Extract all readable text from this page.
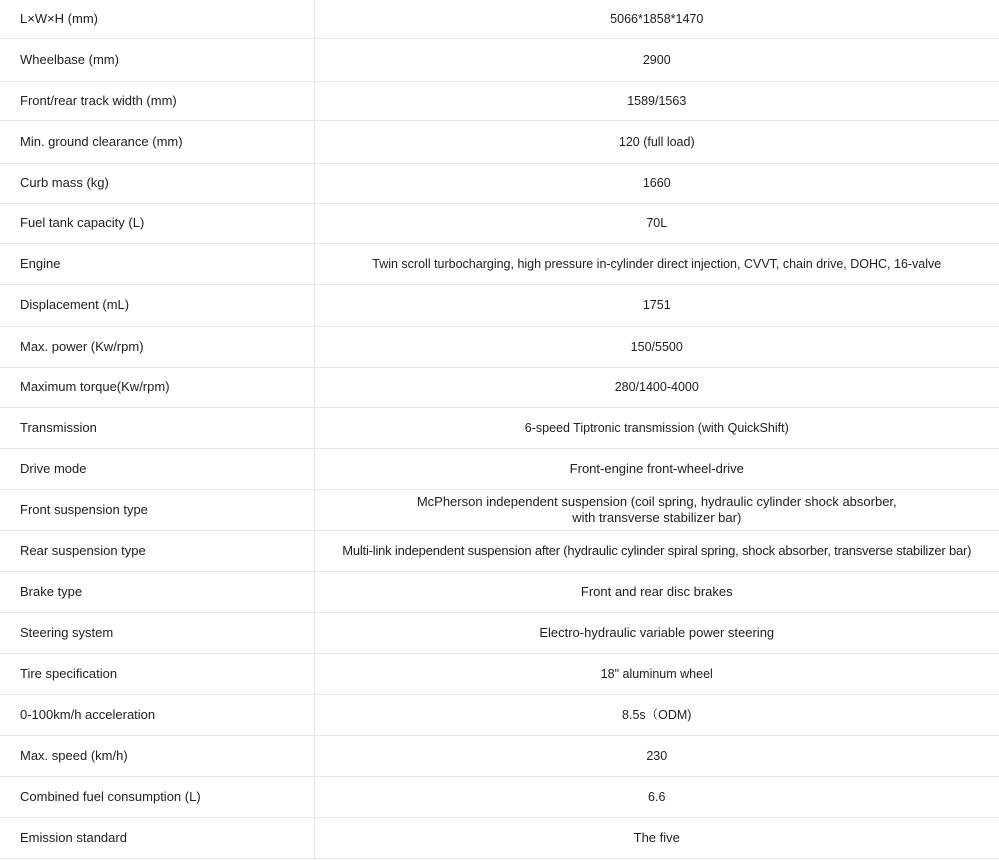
L×W×H (mm)	5066*1858*1470
Wheelbase (mm)	2900
Front/rear track width (mm)	1589/1563
Min. ground clearance (mm)	120 (full load)
Curb mass (kg)	1660
Fuel tank capacity (L)	70L
Engine	Twin scroll turbocharging, high pressure in-cylinder direct injection, CVVT, chain drive, DOHC, 16-valve
Displacement (mL)	1751
Max. power (Kw/rpm)	150/5500
Maximum torque(Kw/rpm)	280/1400-4000
Transmission	6-speed Tiptronic transmission (with QuickShift)
Drive mode	Front-engine front-wheel-drive
Front suspension type	McPherson independent suspension (coil spring, hydraulic cylinder shock absorber,
with transverse stabilizer bar)
Rear suspension type	Multi-link independent suspension after (hydraulic cylinder spiral spring, shock absorber, transverse stabilizer bar)
Brake type	Front and rear disc brakes
Steering system	Electro-hydraulic variable power steering
Tire specification	18" aluminum wheel
0-100km/h acceleration	8.5s（ODM)
Max. speed (km/h)	230
Combined fuel consumption (L)	6.6
Emission standard	The five
